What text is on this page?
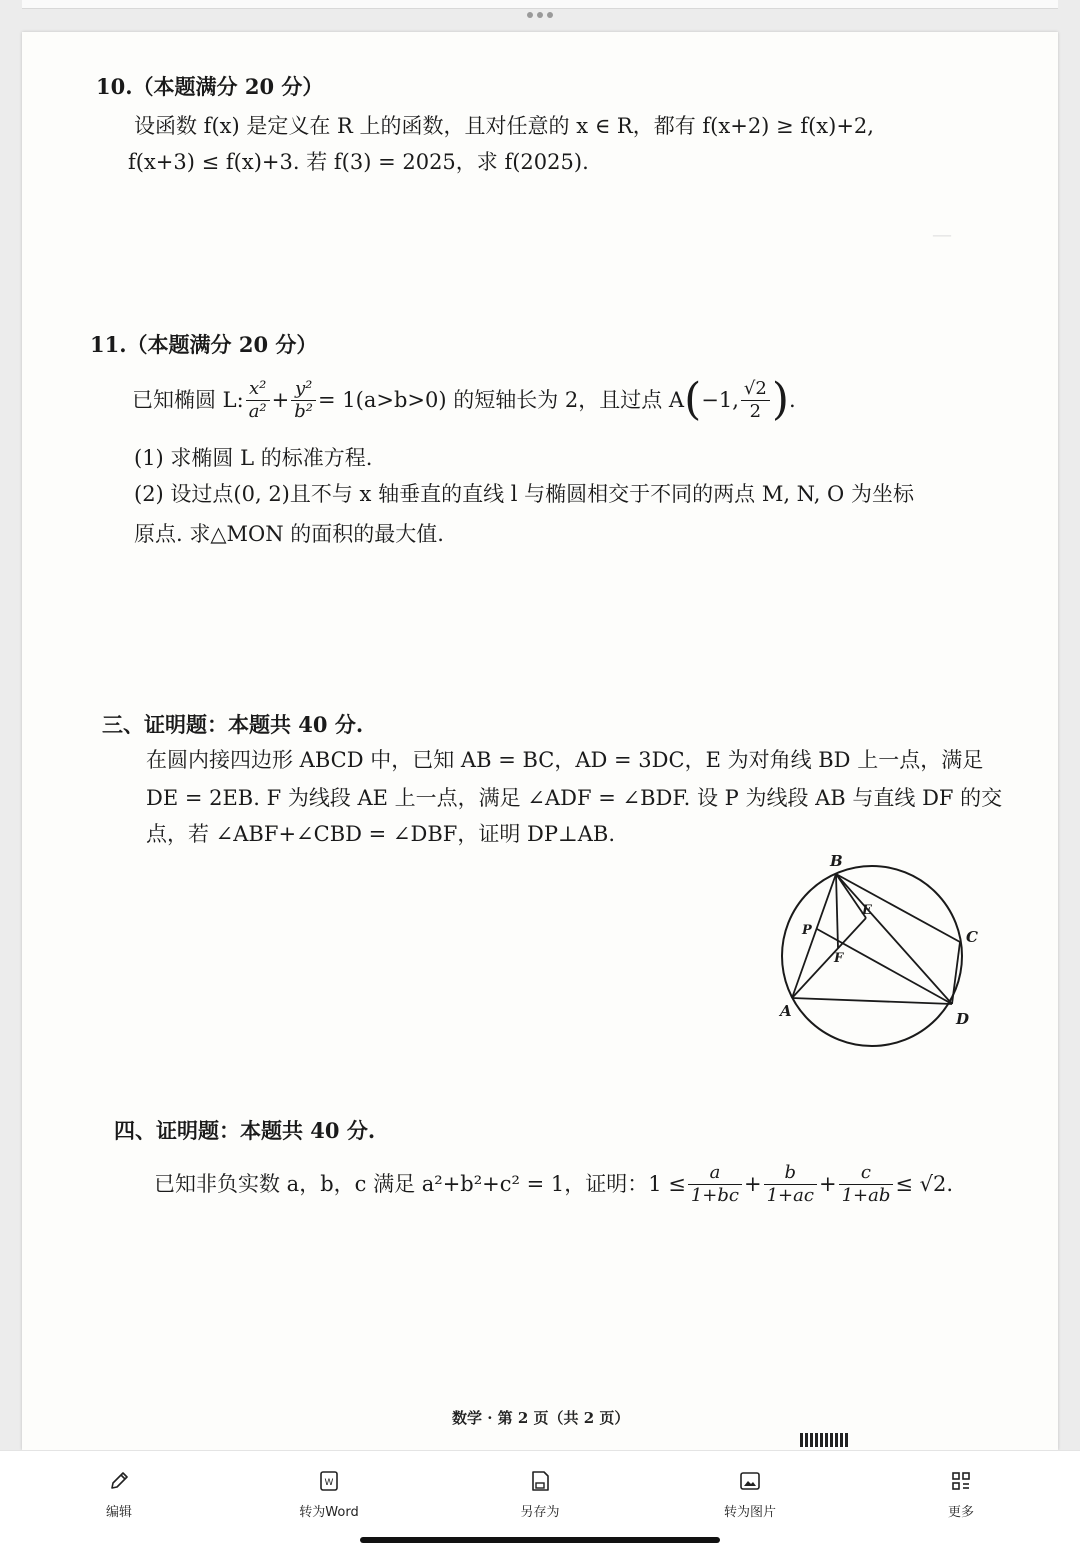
—
10.（本题满分 20 分）
设函数 f(x) 是定义在 R 上的函数，且对任意的 x ∈ R，都有 f(x+2) ≥ f(x)+2,
f(x+3) ≤ f(x)+3. 若 f(3) = 2025，求 f(2025).
11.（本题满分 20 分）
已知椭圆 L: $\frac{\text{x²}}{\text{a²}} + \frac{\text{y²}}{\text{b²}} = 1(a>b>0)$ 的短轴长为 2，且过点 A ( −1, $\frac{√2}{2}$ ) .
(1) 求椭圆 L 的标准方程.
(2) 设过点(0, 2)且不与 x 轴垂直的直线 l 与椭圆相交于不同的两点 M, N, O 为坐标
原点. 求△MON 的面积的最大值.
三、证明题：本题共 40 分.
在圆内接四边形 ABCD 中，已知 AB = BC，AD = 3DC，E 为对角线 BD 上一点，满足
DE = 2EB. F 为线段 AE 上一点，满足 ∠ADF = ∠BDF. 设 P 为线段 AB 与直线 DF 的交
点，若 ∠ABF+∠CBD = ∠DBF，证明 DP⊥AB.
B
C
D
A
E
F
P
四、证明题：本题共 40 分.
已知非负实数 a，b，c 满足 a²+b²+c² = 1，证明：$1 \le \frac{a}{1+bc} + \frac{b}{1+ac} + \frac{c}{1+ab} \le √2$.
数学 · 第 2 页（共 2 页）
编辑
W
转为Word	另存为	转为图片	更多
